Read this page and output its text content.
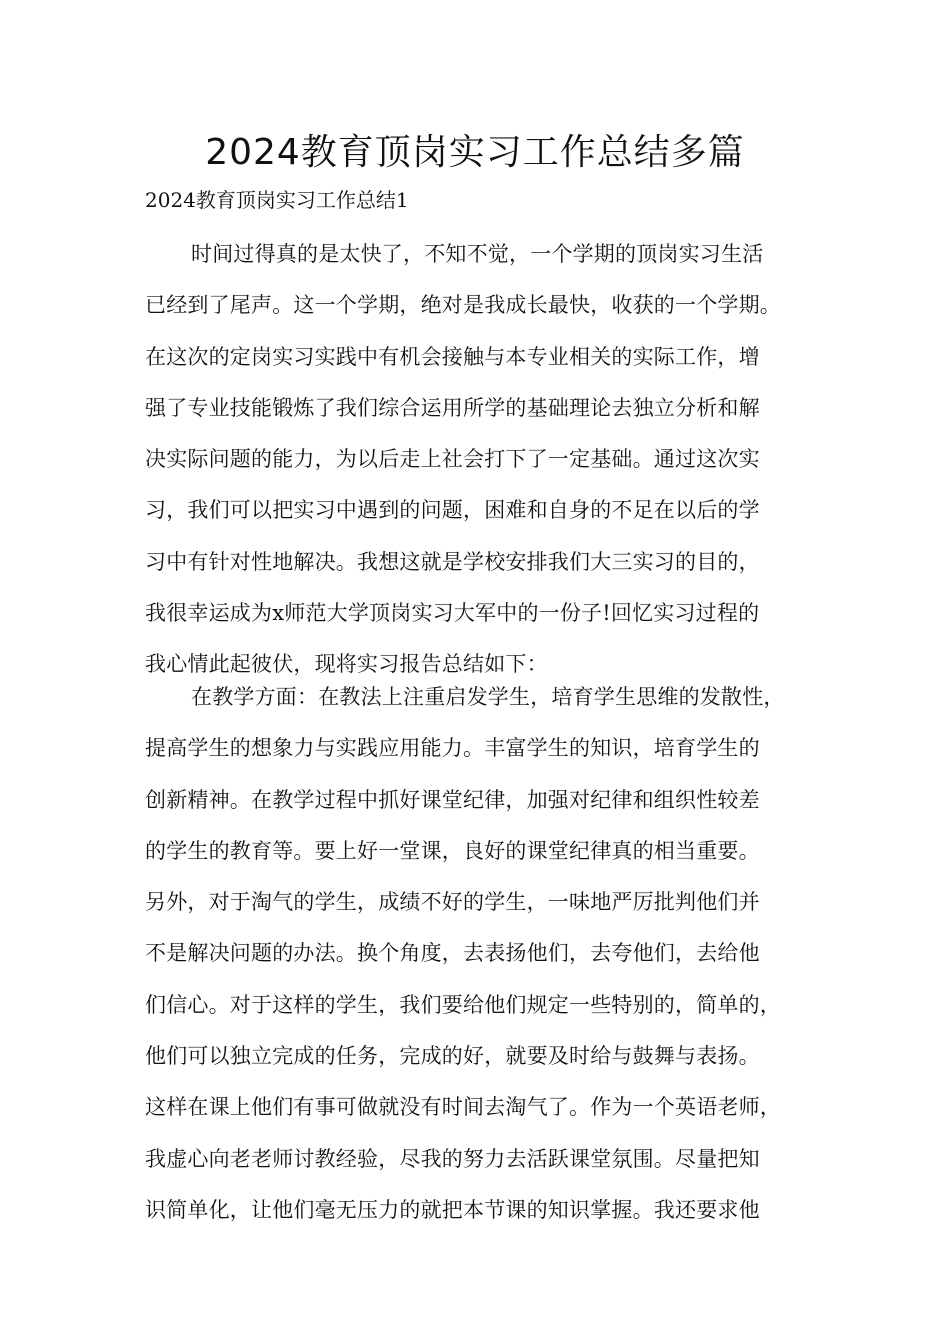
2024教育顶岗实习工作总结多篇

2024教育顶岗实习工作总结1

时间过得真的是太快了，不知不觉，一个学期的顶岗实习生活
已经到了尾声。这一个学期，绝对是我成长最快，收获的一个学期。
在这次的定岗实习实践中有机会接触与本专业相关的实际工作，增
强了专业技能锻炼了我们综合运用所学的基础理论去独立分析和解
决实际问题的能力，为以后走上社会打下了一定基础。通过这次实
习，我们可以把实习中遇到的问题，困难和自身的不足在以后的学
习中有针对性地解决。我想这就是学校安排我们大三实习的目的，
我很幸运成为x师范大学顶岗实习大军中的一份子!回忆实习过程的
我心情此起彼伏，现将实习报告总结如下：
在教学方面：在教法上注重启发学生，培育学生思维的发散性，
提高学生的想象力与实践应用能力。丰富学生的知识，培育学生的
创新精神。在教学过程中抓好课堂纪律，加强对纪律和组织性较差
的学生的教育等。要上好一堂课，良好的课堂纪律真的相当重要。
另外，对于淘气的学生，成绩不好的学生，一味地严厉批判他们并
不是解决问题的办法。换个角度，去表扬他们，去夸他们，去给他
们信心。对于这样的学生，我们要给他们规定一些特别的，简单的，
他们可以独立完成的任务，完成的好，就要及时给与鼓舞与表扬。
这样在课上他们有事可做就没有时间去淘气了。作为一个英语老师，
我虚心向老老师讨教经验，尽我的努力去活跃课堂氛围。尽量把知
识简单化，让他们毫无压力的就把本节课的知识掌握。我还要求他
